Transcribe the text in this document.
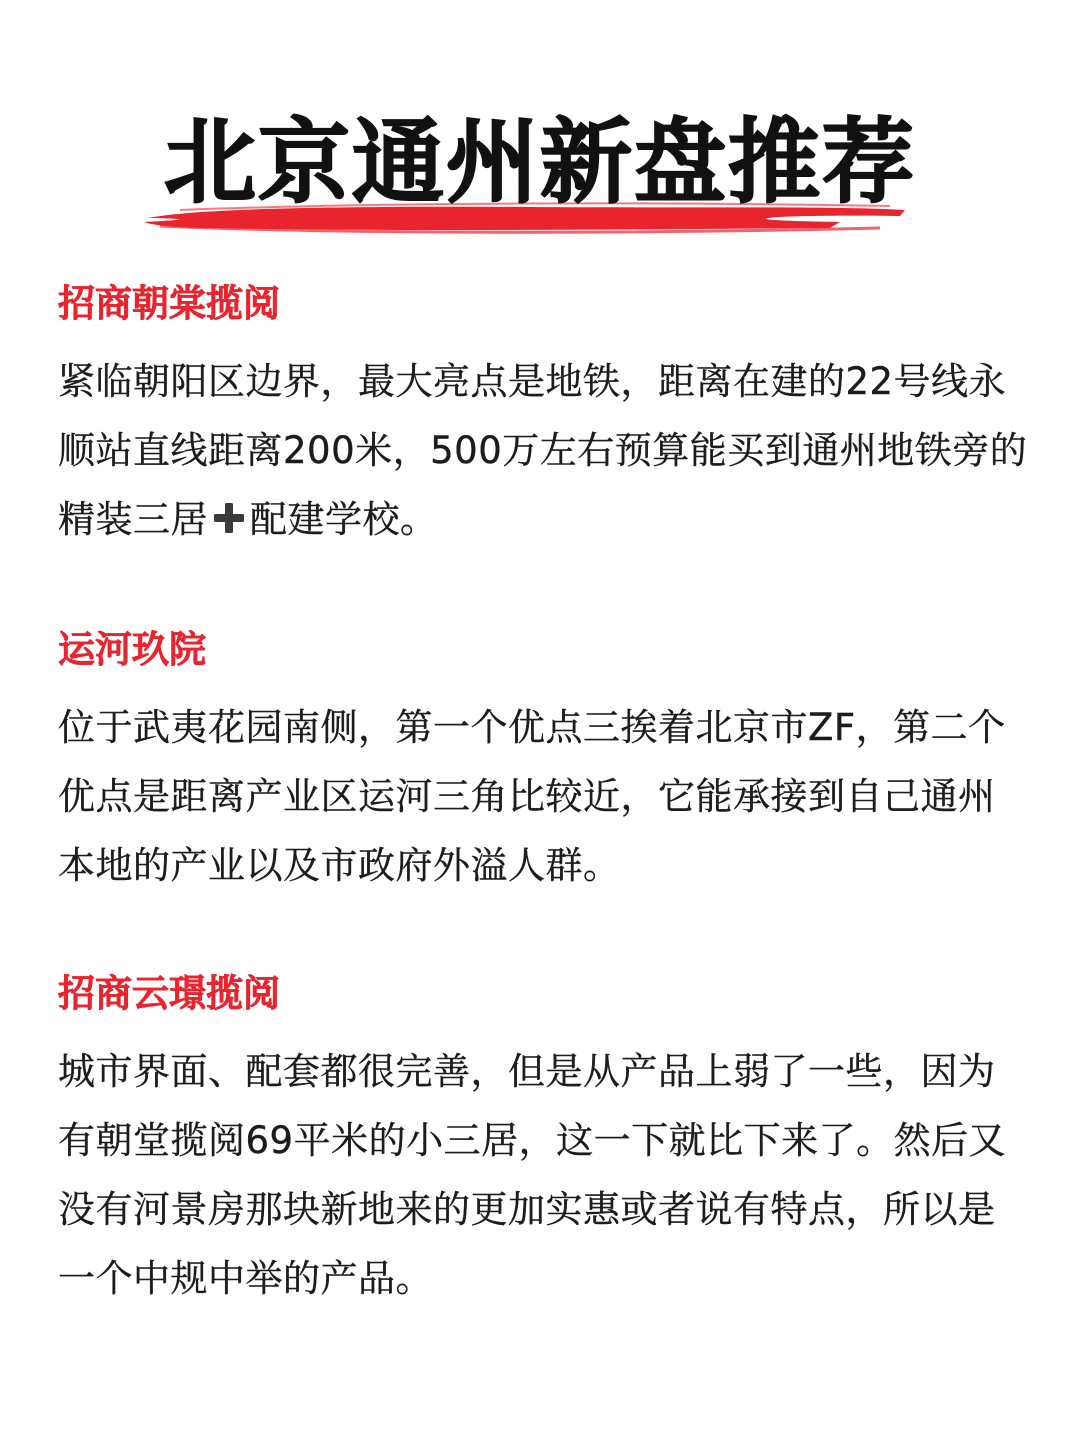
北京通州新盘推荐
招商朝棠揽阅

紧临朝阳区边界，最大亮点是地铁，距离在建的22号线永顺站直线距离200米，500万左右预算能买到通州地铁旁的精装三居 配建学校。

运河玖院

位于武夷花园南侧，第一个优点三挨着北京市ZF，第二个优点是距离产业区运河三角比较近，它能承接到自己通州本地的产业以及市政府外溢人群。

招商云璟揽阅

城市界面、配套都很完善，但是从产品上弱了一些，因为有朝堂揽阅69平米的小三居，这一下就比下来了。然后又没有河景房那块新地来的更加实惠或者说有特点，所以是一个中规中举的产品。
